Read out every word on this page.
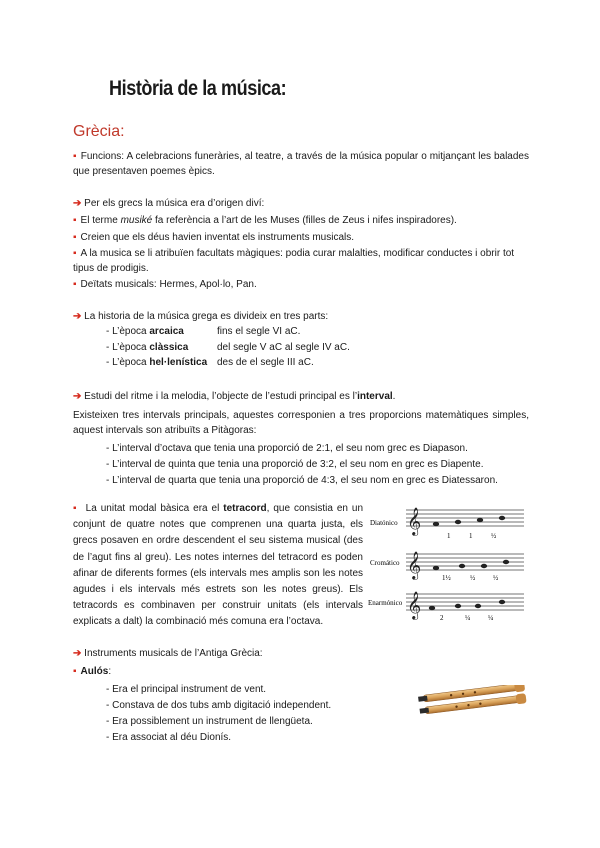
Història de la música:
Grècia:
▪ Funcions: A celebracions funeràries, al teatre, a través de la música popular o mitjançant les balades que presentaven poemes èpics.
➔ Per els grecs la música era d’origen diví:
▪ El terme musiké fa referència a l’art de les Muses (filles de Zeus i nifes inspiradores).
▪ Creien que els déus havien inventat els instruments musicals.
▪ A la musica se li atribuïen facultats màgiques: podia curar malalties, modificar conductes i obrir tot tipus de prodigis.
▪ Deïtats musicals: Hermes, Apol·lo, Pan.
➔ La historia de la música grega es divideix en tres parts:
- L’època arcaica	fins el segle VI aC.
- L’època clàssica	del segle V aC al segle IV aC.
- L’època hel·lenística des de el segle III aC.
➔ Estudi del ritme i la melodia, l’objecte de l’estudi principal es l’interval.
Existeixen tres intervals principals, aquestes corresponien a tres proporcions matemàtiques simples, aquest intervals son atribuïts a Pitàgoras:
- L’interval d’octava que tenia una proporció de 2:1, el seu nom grec es Diapason.
- L’interval de quinta que tenia una proporció de 3:2, el seu nom en grec es Diapente.
- L’interval de quarta que tenia una proporció de 4:3, el seu nom en grec es Diatessaron.
▪ La unitat modal bàsica era el tetracord, que consistia en un conjunt de quatre notes que comprenen una quarta justa, els grecs posaven en ordre descendent el seu sistema musical (des de l’agut fins al greu). Les notes internes del tetracord es poden afinar de diferents formes (els intervals mes amplis son les notes agudes i els intervals més estrets son les notes greus). Els tetracords es combinaven per construir unitats (els intervals explicats a dalt) la combinació més comuna era l’octava.
Diatónico 𝄞
1	1	½
Cromático 𝄞	1½	½	½
Enarmónico 𝄞	2	¼	¼
➔ Instruments musicals de l’Antiga Grècia:
▪ Aulós:
- Era el principal instrument de vent.
- Constava de dos tubs amb digitació independent.
- Era possiblement un instrument de llengüeta.
- Era associat al déu Dionís.
